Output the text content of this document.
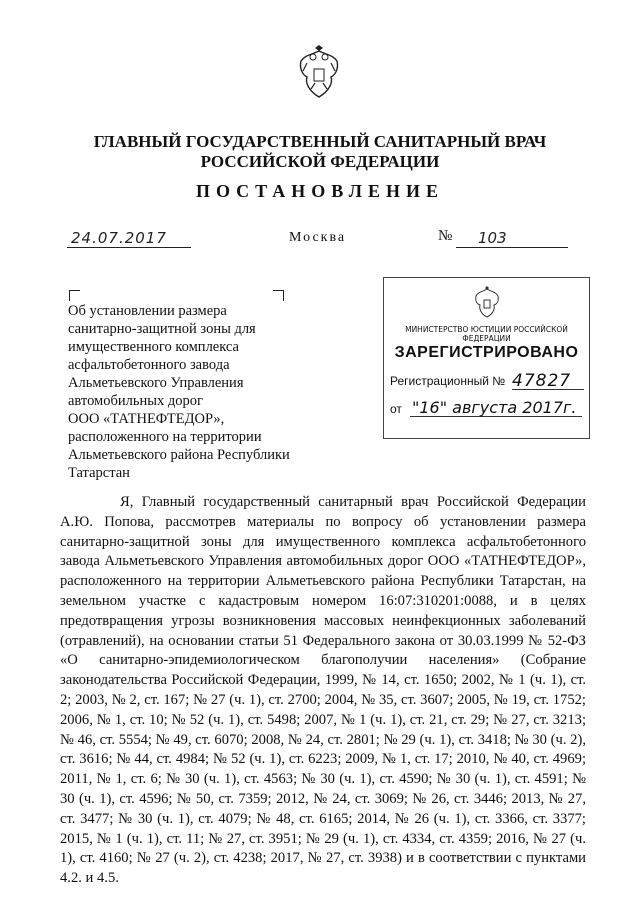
ГЛАВНЫЙ ГОСУДАРСТВЕННЫЙ САНИТАРНЫЙ ВРАЧ
РОССИЙСКОЙ ФЕДЕРАЦИИ
ПОСТАНОВЛЕНИЕ
24.07.2017	Москва	№	103
Об установлении размера
санитарно-защитной зоны для
имущественного комплекса
асфальтобетонного завода
Альметьевского Управления
автомобильных дорог
ООО «ТАТНЕФТЕДОР»,
расположенного на территории
Альметьевского района Республики
Татарстан
МИНИСТЕРСТВО ЮСТИЦИИ РОССИЙСКОЙ ФЕДЕРАЦИИ
ЗАРЕГИСТРИРОВАНО
Регистрационный № 47827
от "16" августа 2017г.

Я, Главный государственный санитарный врач Российской Федерации А.Ю. Попова, рассмотрев материалы по вопросу об установлении размера санитарно-защитной зоны для имущественного комплекса асфальтобетонного завода Альметьевского Управления автомобильных дорог ООО «ТАТНЕФТЕДОР», расположенного на территории Альметьевского района Республики Татарстан, на земельном участке с кадастровым номером 16:07:310201:0088, и в целях предотвращения угрозы возникновения массовых неинфекционных заболеваний (отравлений), на основании статьи 51 Федерального закона от 30.03.1999 № 52-ФЗ «О санитарно-эпидемиологическом благополучии населения» (Собрание законодательства Российской Федерации, 1999, № 14, ст. 1650; 2002, № 1 (ч. 1), ст. 2; 2003, № 2, ст. 167; № 27 (ч. 1), ст. 2700; 2004, № 35, ст. 3607; 2005, № 19, ст. 1752; 2006, № 1, ст. 10; № 52 (ч. 1), ст. 5498; 2007, № 1 (ч. 1), ст. 21, ст. 29; № 27, ст. 3213; № 46, ст. 5554; № 49, ст. 6070; 2008, № 24, ст. 2801; № 29 (ч. 1), ст. 3418; № 30 (ч. 2), ст. 3616; № 44, ст. 4984; № 52 (ч. 1), ст. 6223; 2009, № 1, ст. 17; 2010, № 40, ст. 4969; 2011, № 1, ст. 6; № 30 (ч. 1), ст. 4563; № 30 (ч. 1), ст. 4590; № 30 (ч. 1), ст. 4591; № 30 (ч. 1), ст. 4596; № 50, ст. 7359; 2012, № 24, ст. 3069; № 26, ст. 3446; 2013, № 27, ст. 3477; № 30 (ч. 1), ст. 4079; № 48, ст. 6165; 2014, № 26 (ч. 1), ст. 3366, ст. 3377; 2015, № 1 (ч. 1), ст. 11; № 27, ст. 3951; № 29 (ч. 1), ст. 4334, ст. 4359; 2016, № 27 (ч. 1), ст. 4160; № 27 (ч. 2), ст. 4238; 2017, № 27, ст. 3938) и в соответствии с пунктами 4.2. и 4.5.
